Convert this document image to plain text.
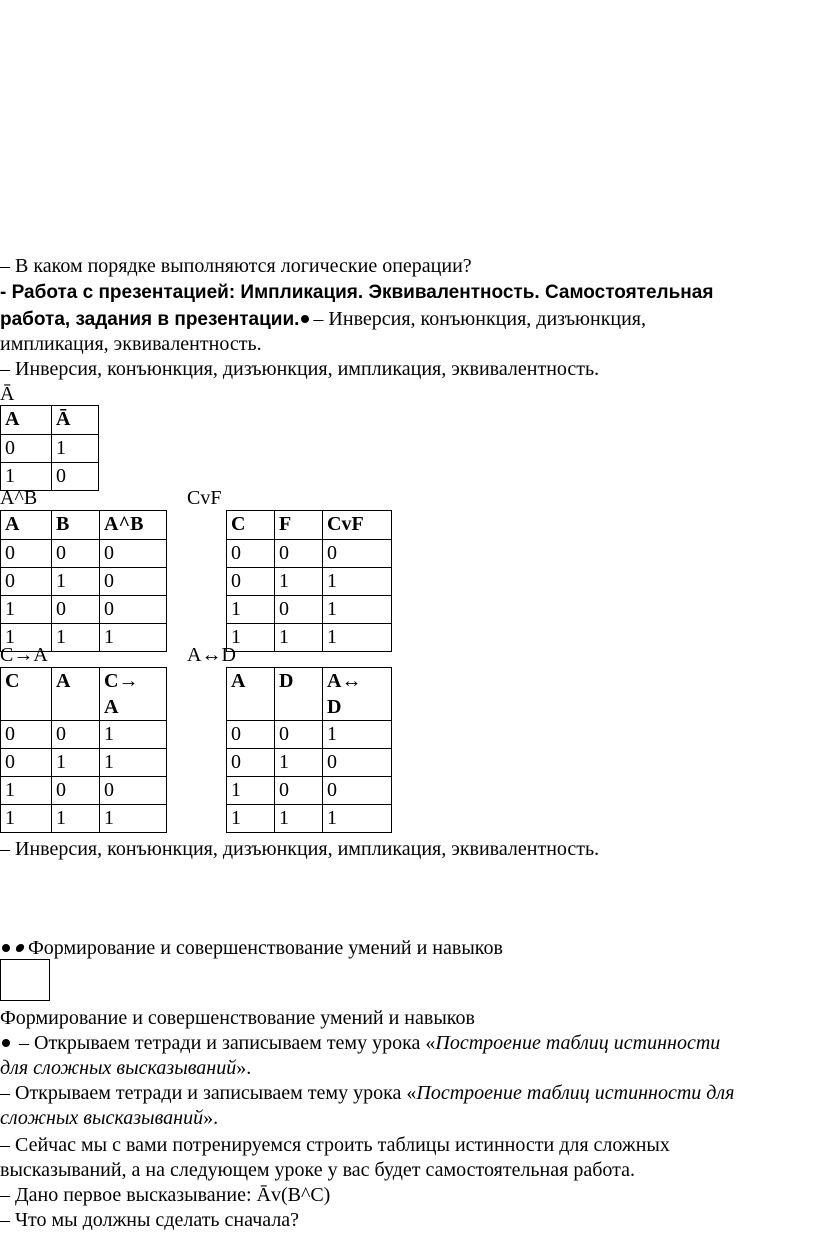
– В каком порядке выполняются логические операции?
- Работа с презентацией: Импликация. Эквивалентность. Самостоятельная
работа, задания в презентации. – Инверсия, конъюнкция, дизъюнкция,
импликация, эквивалентность.
– Инверсия, конъюнкция, дизъюнкция, импликация, эквивалентность.
Ā
A	Ā
0	1
1	0
A^B	CvF
A	B	A^B
0	0	0
0	1	0
1	0	0
1	1	1
C	F	CvF
0	0	0
0	1	1
1	0	1
1	1	1
C→A	A↔D
C	A	C→
A
0	0	1
0	1	1
1	0	0
1	1	1
A	D	A↔
D
0	0	1
0	1	0
1	0	0
1	1	1
– Инверсия, конъюнкция, дизъюнкция, импликация, эквивалентность.
Формирование и совершенствование умений и навыков
Формирование и совершенствование умений и навыков
– Открываем тетради и записываем тему урока «Построение таблиц истинности
для сложных высказываний».
– Открываем тетради и записываем тему урока «Построение таблиц истинности для
сложных высказываний».
– Сейчас мы с вами потренируемся строить таблицы истинности для сложных
высказываний, а на следующем уроке у вас будет самостоятельная работа.
– Дано первое высказывание: Āv(B^C)
– Что мы должны сделать сначала?
